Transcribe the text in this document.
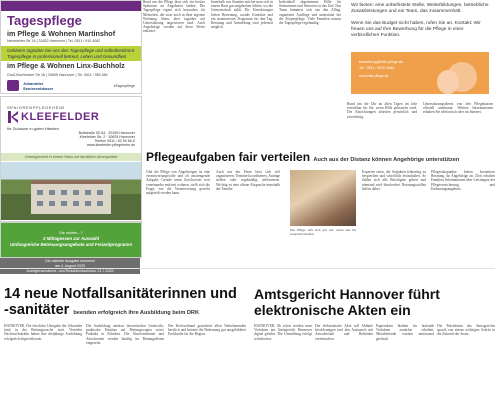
Tagespflege
im Pflege & Wohnen Martinshof
Nenndorfer Str 16 | 31832 Hannover | Tel. 0511 / 910 4062
Gebieten tagsüber bei uns den Tagespflege und selbstbestimmt
Tagespflege in professionell betreut, Leben und Gesundheit
im Pflege & Wohnen Linx-Buchholz
Groß-Buchholzer Str 16 | 30655 Hannover | Tel. 0511 / 969 484
Johanniter
Seniorenhäuser	#Tagespflege
SENIORENPFLEGEHEIM
KLEEFELDER
Ihr Zuhause in guten Händen
Bultstraße 52-54 · 30159 Hannover
Kleefelder Str. 2 · 30625 Hannover
Telefon 0511 / 52 59 60-0
www.kleefelder-pflegeheim.de
Geborgenheit in einem Haus mit familiärer Atmosphäre
Sie wollen...?
2 Mittagessen zur Auswahl
Umfangreiche Betreuungsangebote und Freizeitprogramm
Die nächste Ausgabe erscheint
am 4. August 2025
Anzeigenannahme- und Redaktionsschluss: 21.7.2025
Rund um die Pflege lässt sich ein breites Spektrum an Angeboten finden. Die Tagespflege eignet sich besonders für Menschen, die zwar noch in ihrer eigenen Wohnung leben, aber tagsüber auf Unterstützung angewiesen sind. Auch Angehörige werden auf diese Weise entlastet.
Innerhalb von Stunden möchte man sich in einem Haus gut aufgehoben fühlen, wo die Gemeinschaft zählt. Die Einrichtungen bieten Betreuung, soziale Kontakte und ein strukturiertes Programm für den Tag. Beratung und Anmeldung sind jederzeit möglich.
Individuell abgestimmte Hilfe für Seniorinnen und Senioren ist das Ziel. Das Team kümmert sich um den Alltag, organisiert Ausflüge und unterstützt bei der Körperpflege. Viele Familien nutzen die Tagespflege regelmäßig.
Wir bieten: eine unbefristete Stelle, Weiterbildungen, betriebliche Zusatzleistungen und ein Team, das zusammenhält.
Wenn Sie das Budget nicht haben, rufen Sie an. Kontakt: Wir freuen uns auf Ihre Bewerbung für die Pflege in einer verbindlichen Funktion.
bewerbung@hilfe-pflege.de
Tel.: 0511 / 3570 4583
www.hilfe-pflege.de
Rund um die Uhr an allen Tagen im Jahr erreichbar für Sie, wenn Hilfe gebraucht wird. Die Einrichtungen arbeiten persönlich und zuverlässig.
Unterstützungsdienst von den Pflegekassen offiziell anerkannt. Weitere Informationen erhalten Sie telefonisch oder im Internet.
Pflegeaufgaben fair verteilen Auch aus der Distanz können Angehörige unterstützen
Gibt die Pflege von Angehörigen ist eine verantwortungsvolle und oft anstrengende Aufgabe. Gerade wenn Geschwister weit voneinander entfernt wohnen, stellt sich die Frage, wie die Verantwortung gerecht aufgeteilt werden kann.
Auch aus der Ferne lässt sich viel organisieren: Termine koordinieren, Anträge stellen oder regelmäßig telefonieren. Wichtig ist eine offene Absprache innerhalb der Familie.
Die Pflege teilt sich gut auf, wenn alle im Gespräch bleiben.
Experten raten, die Aufgaben frühzeitig zu besprechen und schriftlich festzuhalten. So fühlen sich alle Beteiligten gehört und niemand wird überfordert. Beratungsstellen helfen dabei.
Pflegestützpunkte bieten kostenlose Beratung für Angehörige an. Dort erhalten Familien Informationen über Leistungen der Pflegeversicherung und Entlastungsangebote.
14 neue Notfallsanitäterinnen und
-sanitäter beenden erfolgreich ihre Ausbildung beim DRK
HANNOVER. Die feierliche Übergabe der Urkunden fand in der Rettungswache statt. Vierzehn Nachwuchskräfte haben ihre dreijährige Ausbildung erfolgreich abgeschlossen.
Die Ausbildung umfasst theoretischen Unterricht, praktische Einsätze auf Rettungswagen sowie Praktika in Kliniken. Die Absolventinnen und Absolventen werden künftig im Rettungsdienst eingesetzt.
Der Kreisverband gratulierte allen Teilnehmenden herzlich und betonte die Bedeutung gut ausgebildeter Fachkräfte für die Region.
Amtsgericht Hannover führt
elektronische Akten ein
HANNOVER. Ab sofort werden neue Verfahren am Amtsgericht Hannover digital geführt. Die Umstellung erfolgt schrittweise.
Die elektronische Akte soll Abläufe beschleunigen und den Austausch mit Anwaltschaft und Behörden vereinfachen.
Papierakten bleiben für laufende Verfahren zunächst erhalten. Mitarbeitende wurden umfassend geschult.
Die Präsidentin des Amtsgerichts sprach von einem wichtigen Schritt in die Zukunft der Justiz.
